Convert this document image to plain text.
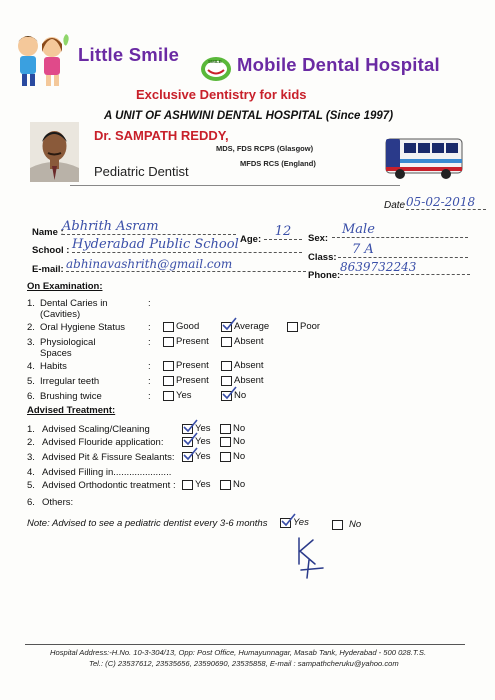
Little Smile	SMILE Mobile Dental Hospital
Exclusive Dentistry for kids
A UNIT OF ASHWINI DENTAL HOSPITAL (Since 1997)
Dr. SAMPATH REDDY,
MDS, FDS RCPS (Glasgow)
MFDS RCS (England)
Pediatric Dentist
Date 05-02-2018
Name :
Abhrith Asram
Age:
12	Sex:
Male
School : Hyderabad Public School
Class:
7 A
E-mail: abhinavashrith@gmail.com
Phone:
8639732243
On Examination:
1. Dental Caries in
(Cavities)
:
2. Oral Hygiene Status :	Good	Average	Poor
3. Physiological
Spaces
:	Present	Absent
4. Habits	:	Present	Absent
5. Irregular teeth	:	Present	Absent
6. Brushing twice	:	Yes	No
Advised Treatment:
1. Advised Scaling/Cleaning	Yes No
2. Advised Flouride application:	Yes No
3. Advised Pit & Fissure Sealants: Yes No
4. Advised Filling in......................
5. Advised Orthodontic treatment : Yes No
6. Others:
Note: Advised to see a pediatric dentist every 3-6 months	Yes	No
Hospital Address:-H.No. 10-3-304/13, Opp: Post Office, Humayunnagar, Masab Tank, Hyderabad - 500 028.T.S.
Tel.: (C) 23537612, 23535656, 23590690, 23535858, E-mail : sampathcheruku@yahoo.com
